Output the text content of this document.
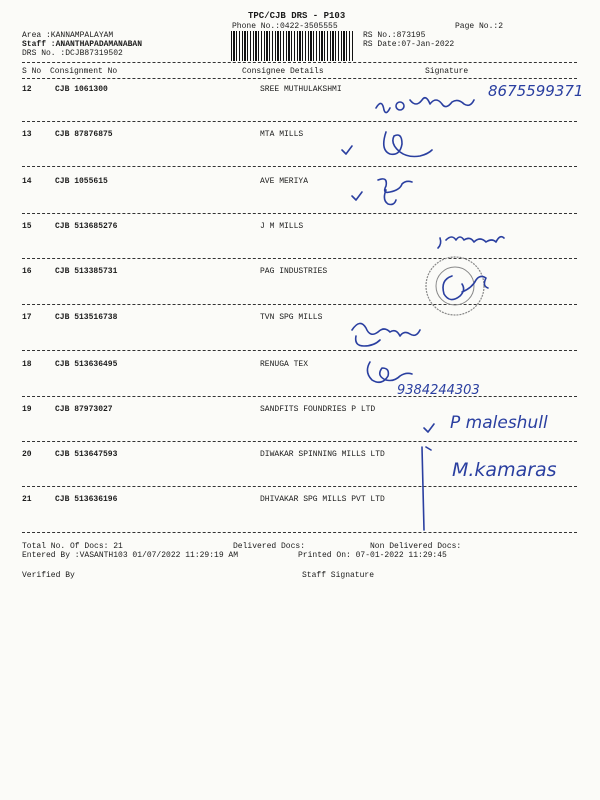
TPC/CJB DRS - P103
Phone No.:0422-3505555	Page No.:2
Area :KANNAMPALAYAM
Staff :ANANTHAPADAMANABAN
DRS No. :DCJB87319502
RS No.:873195
RS Date:07-Jan-2022
S No Consignment No	Consignee Details	Signature
12	CJB 1061300	SREE MUTHULAKSHMI
13	CJB 87876875	MTA MILLS
14	CJB 1055615	AVE MERIYA
15	CJB 513685276	J M MILLS
16	CJB 513385731	PAG INDUSTRIES
17	CJB 513516738	TVN SPG MILLS
18	CJB 513636495	RENUGA TEX
19	CJB 87973027	SANDFITS FOUNDRIES P LTD
20	CJB 513647593	DIWAKAR SPINNING MILLS LTD
21	CJB 513636196	DHIVAKAR SPG MILLS PVT LTD
8675599371
9384244303
P maleshull
M.kamaras
Total No. Of Docs: 21	Delivered Docs:	Non Delivered Docs:
Entered By :VASANTH103 01/07/2022 11:29:19 AM	Printed On: 07-01-2022 11:29:45
Verified By	Staff Signature
